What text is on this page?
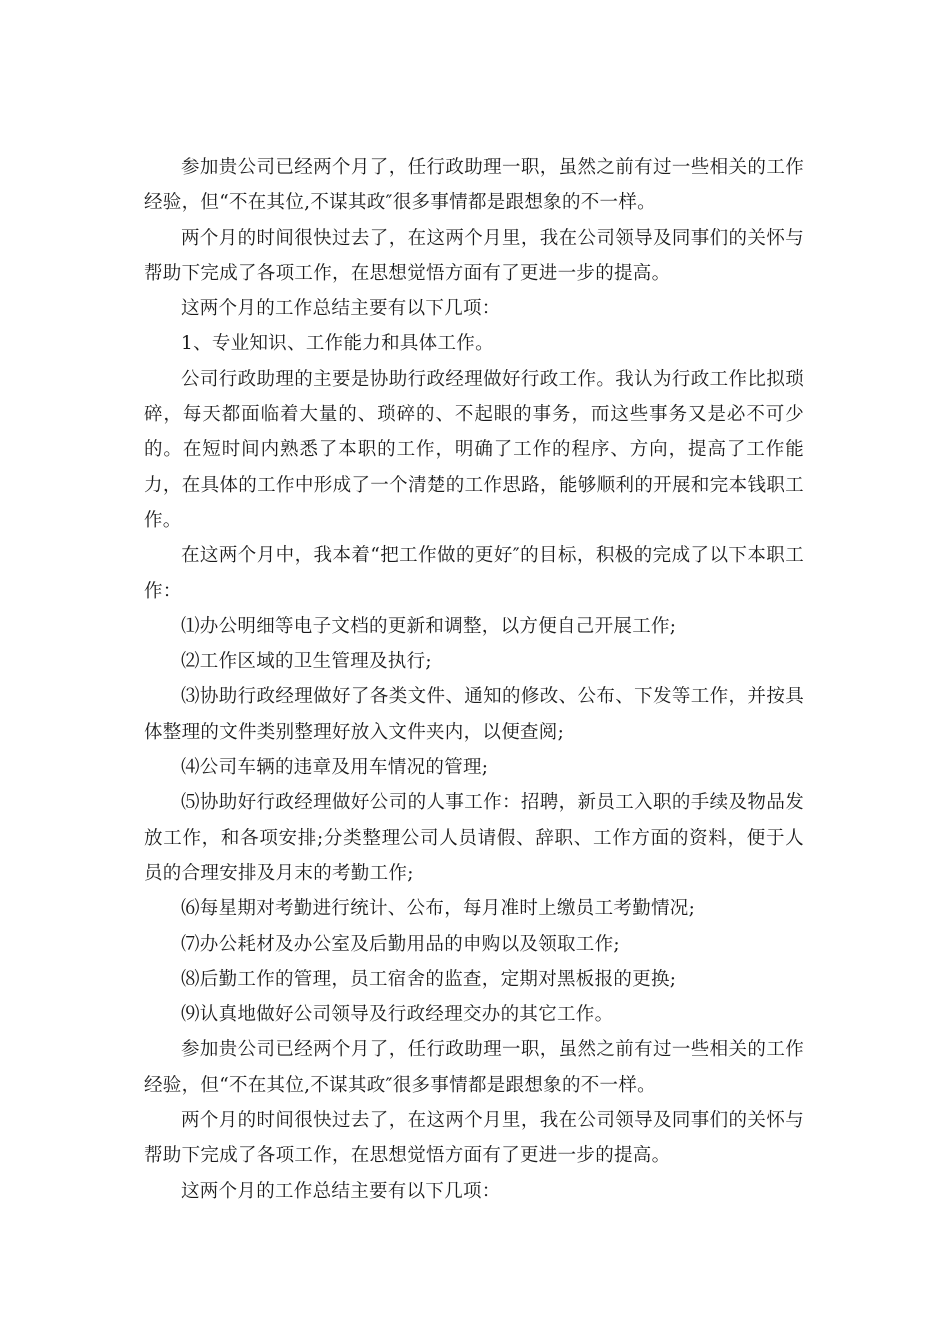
参加贵公司已经两个月了，任行政助理一职，虽然之前有过一些相关的工作经验，但“不在其位,不谋其政″很多事情都是跟想象的不一样。

两个月的时间很快过去了，在这两个月里，我在公司领导及同事们的关怀与帮助下完成了各项工作，在思想觉悟方面有了更进一步的提高。

这两个月的工作总结主要有以下几项：

1、专业知识、工作能力和具体工作。

公司行政助理的主要是协助行政经理做好行政工作。我认为行政工作比拟琐碎，每天都面临着大量的、琐碎的、不起眼的事务，而这些事务又是必不可少的。在短时间内熟悉了本职的工作，明确了工作的程序、方向，提高了工作能力，在具体的工作中形成了一个清楚的工作思路，能够顺利的开展和完本钱职工作。

在这两个月中，我本着“把工作做的更好″的目标，积极的完成了以下本职工作：

⑴办公明细等电子文档的更新和调整，以方便自己开展工作;

⑵工作区域的卫生管理及执行;

⑶协助行政经理做好了各类文件、通知的修改、公布、下发等工作，并按具体整理的文件类别整理好放入文件夹内，以便查阅;

⑷公司车辆的违章及用车情况的管理;

⑸协助好行政经理做好公司的人事工作：招聘，新员工入职的手续及物品发放工作，和各项安排;分类整理公司人员请假、辞职、工作方面的资料，便于人员的合理安排及月末的考勤工作;

⑹每星期对考勤进行统计、公布，每月准时上缴员工考勤情况;

⑺办公耗材及办公室及后勤用品的申购以及领取工作;

⑻后勤工作的管理，员工宿舍的监查，定期对黑板报的更换;

⑼认真地做好公司领导及行政经理交办的其它工作。

参加贵公司已经两个月了，任行政助理一职，虽然之前有过一些相关的工作经验，但“不在其位,不谋其政″很多事情都是跟想象的不一样。

两个月的时间很快过去了，在这两个月里，我在公司领导及同事们的关怀与帮助下完成了各项工作，在思想觉悟方面有了更进一步的提高。

这两个月的工作总结主要有以下几项：
